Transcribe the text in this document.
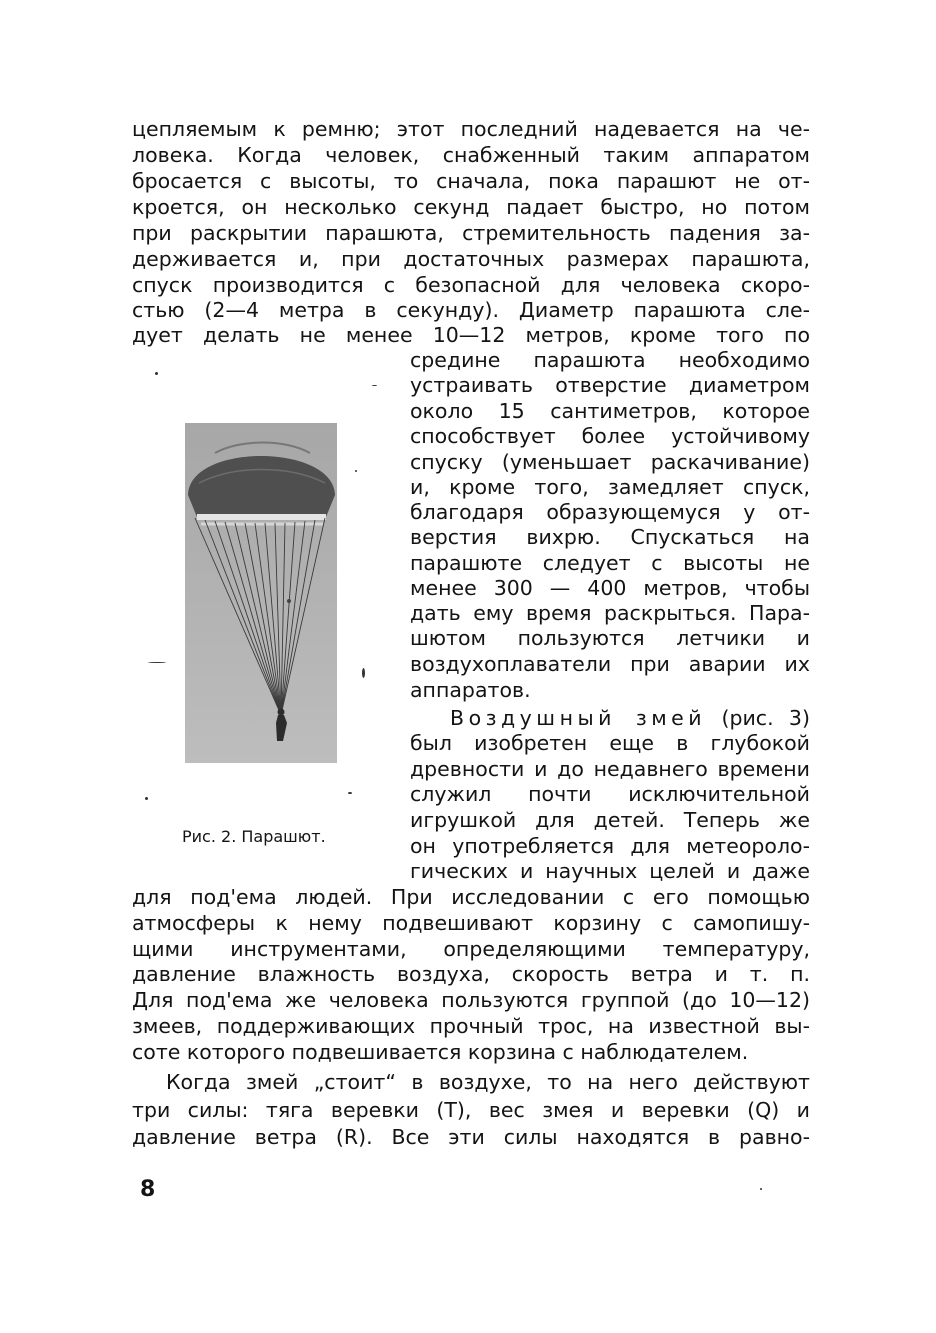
цепляемым к ремню; этот последний надевается на че-
ловека. Когда человек, снабженный таким аппаратом
бросается с высоты, то сначала, пока парашют не от-
кроется, он несколько секунд падает быстро, но потом
при раскрытии парашюта, стремительность падения за-
держивается и, при достаточных размерах парашюта,
спуск производится с безопасной для человека скоро-
стью (2—4 метра в секунду). Диаметр парашюта сле-
дует делать не менее 10—12 метров, кроме того по
средине парашюта необходимо
устраивать отверстие диаметром
около 15 сантиметров, которое
способствует более устойчивому
спуску (уменьшает раскачивание)
и, кроме того, замедляет спуск,
благодаря образующемуся у от-
верстия вихрю. Спускаться на
парашюте следует с высоты не
менее 300 — 400 метров, чтобы
дать ему время раскрыться. Пара-
шютом пользуются летчики и
воздухоплаватели при аварии их
аппаратов.
Воздушный змей (рис. 3)
был изобретен еще в глубокой
древности и до недавнего времени
служил почти исключительной
игрушкой для детей. Теперь же
он употребляется для метеороло-
гических и научных целей и даже
для под'ема людей. При исследовании с его помощью
атмосферы к нему подвешивают корзину с самопишу-
щими инструментами, определяющими температуру,
давление влажность воздуха, скорость ветра и т. п.
Для под'ема же человека пользуются группой (до 10—12)
змеев, поддерживающих прочный трос, на известной вы-
соте которого подвешивается корзина с наблюдателем.
Когда змей „стоит“ в воздухе, то на него действуют
три силы: тяга веревки (T), вес змея и веревки (Q) и
давление ветра (R). Все эти силы находятся в равно-
Рис. 2. Парашют.
8
